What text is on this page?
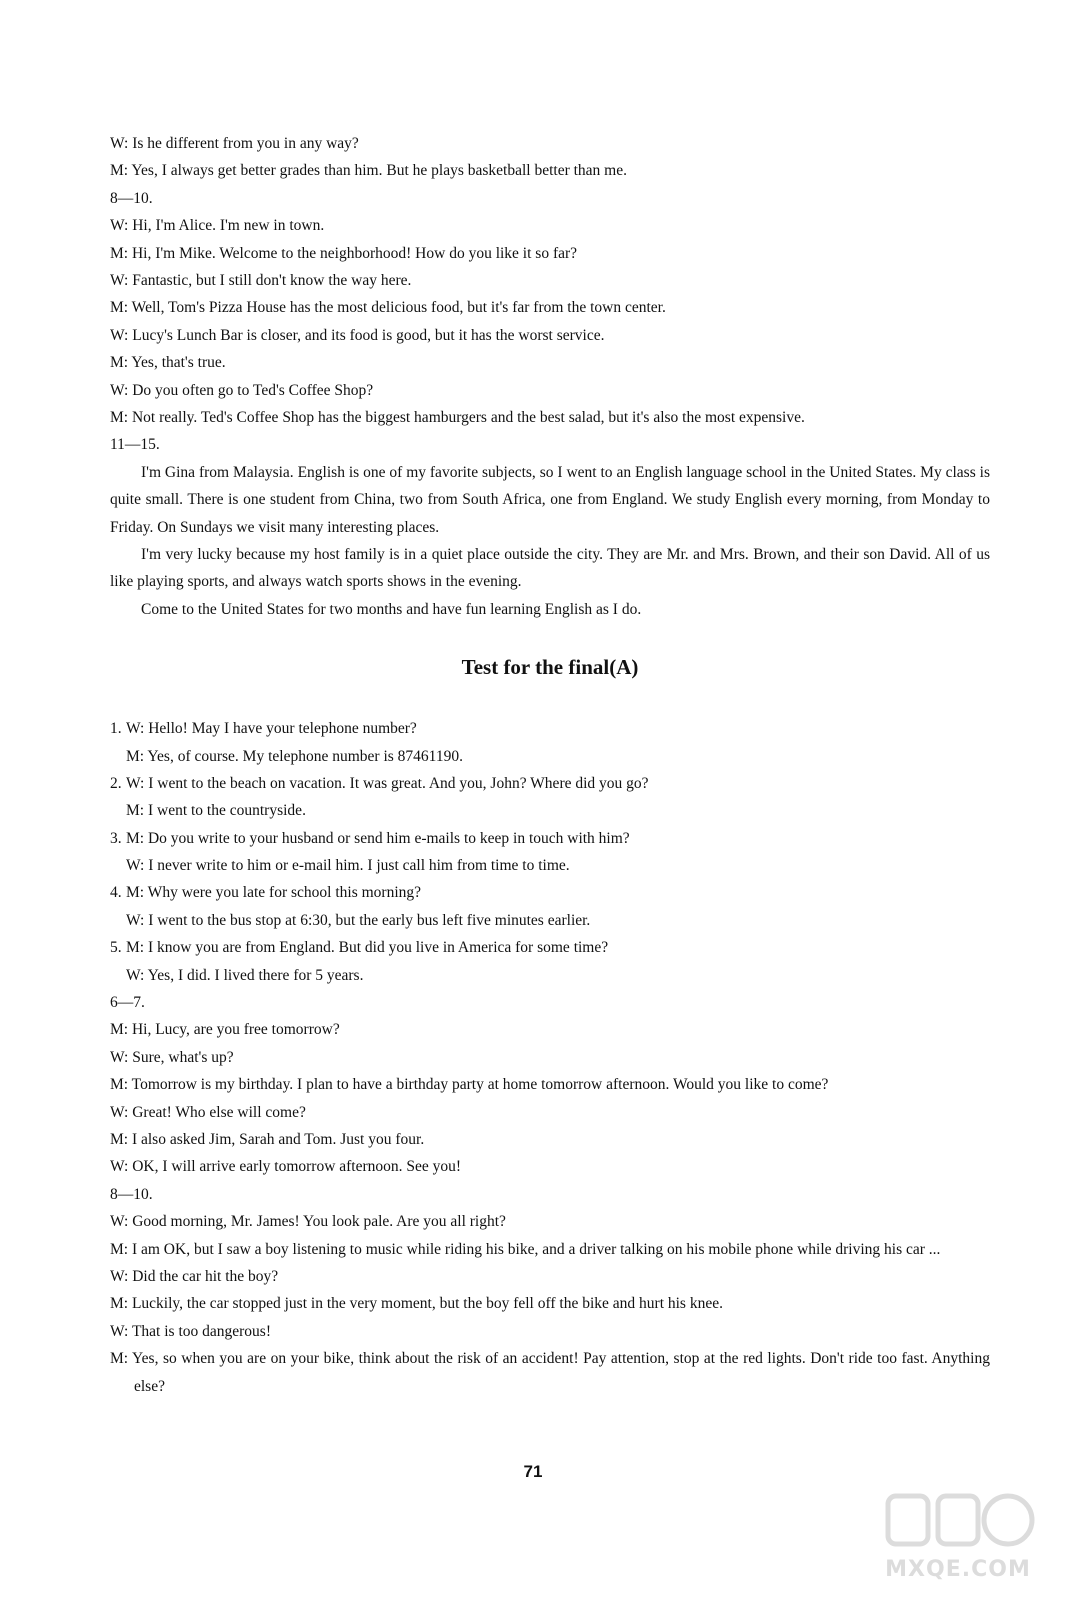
W: Is he different from you in any way?
M: Yes, I always get better grades than him. But he plays basketball better than me.
8—10.
W: Hi, I'm Alice. I'm new in town.
M: Hi, I'm Mike. Welcome to the neighborhood! How do you like it so far?
W: Fantastic, but I still don't know the way here.
M: Well, Tom's Pizza House has the most delicious food, but it's far from the town center.
W: Lucy's Lunch Bar is closer, and its food is good, but it has the worst service.
M: Yes, that's true.
W: Do you often go to Ted's Coffee Shop?
M: Not really. Ted's Coffee Shop has the biggest hamburgers and the best salad, but it's also the most expensive.
11—15.
I'm Gina from Malaysia. English is one of my favorite subjects, so I went to an English language school in the United States. My class is quite small. There is one student from China, two from South Africa, one from England. We study English every morning, from Monday to Friday. On Sundays we visit many interesting places.
I'm very lucky because my host family is in a quiet place outside the city. They are Mr. and Mrs. Brown, and their son David. All of us like playing sports, and always watch sports shows in the evening.
Come to the United States for two months and have fun learning English as I do.
Test for the final(A)
1. W: Hello! May I have your telephone number?
M: Yes, of course. My telephone number is 87461190.
2. W: I went to the beach on vacation. It was great. And you, John? Where did you go?
M: I went to the countryside.
3. M: Do you write to your husband or send him e-mails to keep in touch with him?
W: I never write to him or e-mail him. I just call him from time to time.
4. M: Why were you late for school this morning?
W: I went to the bus stop at 6:30, but the early bus left five minutes earlier.
5. M: I know you are from England. But did you live in America for some time?
W: Yes, I did. I lived there for 5 years.
6—7.
M: Hi, Lucy, are you free tomorrow?
W: Sure, what's up?
M: Tomorrow is my birthday. I plan to have a birthday party at home tomorrow afternoon. Would you like to come?
W: Great! Who else will come?
M: I also asked Jim, Sarah and Tom. Just you four.
W: OK, I will arrive early tomorrow afternoon. See you!
8—10.
W: Good morning, Mr. James! You look pale. Are you all right?
M: I am OK, but I saw a boy listening to music while riding his bike, and a driver talking on his mobile phone while driving his car ...
W: Did the car hit the boy?
M: Luckily, the car stopped just in the very moment, but the boy fell off the bike and hurt his knee.
W: That is too dangerous!
M: Yes, so when you are on your bike, think about the risk of an accident! Pay attention, stop at the red lights. Don't ride too fast. Anything else?
71
MXQE.COM
